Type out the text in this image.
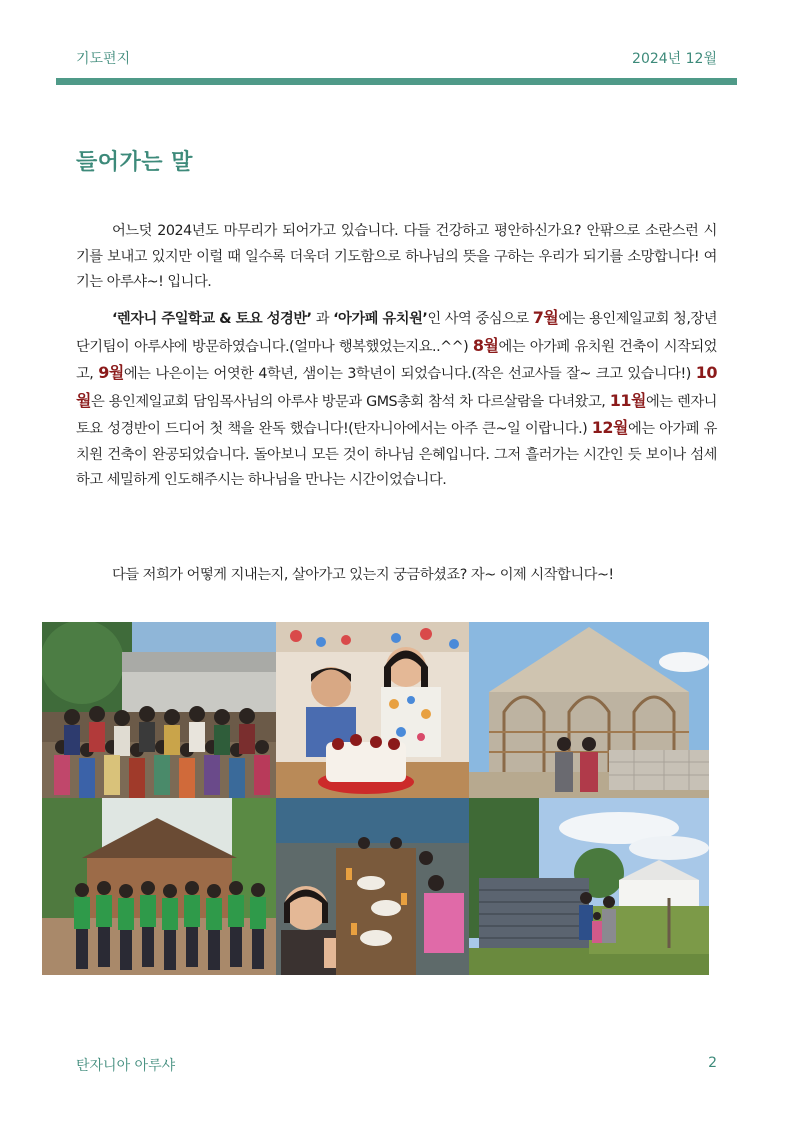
기도편지	2024년 12월
들어가는 말

어느덧 2024년도 마무리가 되어가고 있습니다. 다들 건강하고 평안하신가요? 안팎으로 소란스런 시기를 보내고 있지만 이럴 때 일수록 더욱더 기도함으로 하나님의 뜻을 구하는 우리가 되기를 소망합니다! 여기는 아루샤~! 입니다.

‘렌자니 주일학교 & 토요 성경반’ 과 ‘아가페 유치원’인 사역 중심으로 7월에는 용인제일교회 청,장년 단기팀이 아루샤에 방문하였습니다.(얼마나 행복했었는지요..^^) 8월에는 아가페 유치원 건축이 시작되었고, 9월에는 나은이는 어엿한 4학년, 샘이는 3학년이 되었습니다.(작은 선교사들 잘~ 크고 있습니다!) 10월은 용인제일교회 담임목사님의 아루샤 방문과 GMS총회 참석 차 다르살람을 다녀왔고, 11월에는 렌자니 토요 성경반이 드디어 첫 책을 완독 했습니다!(탄자니아에서는 아주 큰~일 이랍니다.) 12월에는 아가페 유치원 건축이 완공되었습니다. 돌아보니 모든 것이 하나님 은혜입니다. 그저 흘러가는 시간인 듯 보이나 섬세하고 세밀하게 인도해주시는 하나님을 만나는 시간이었습니다.

다들 저희가 어떻게 지내는지, 살아가고 있는지 궁금하셨죠? 자~ 이제 시작합니다~!

탄자니아 아루샤	2
